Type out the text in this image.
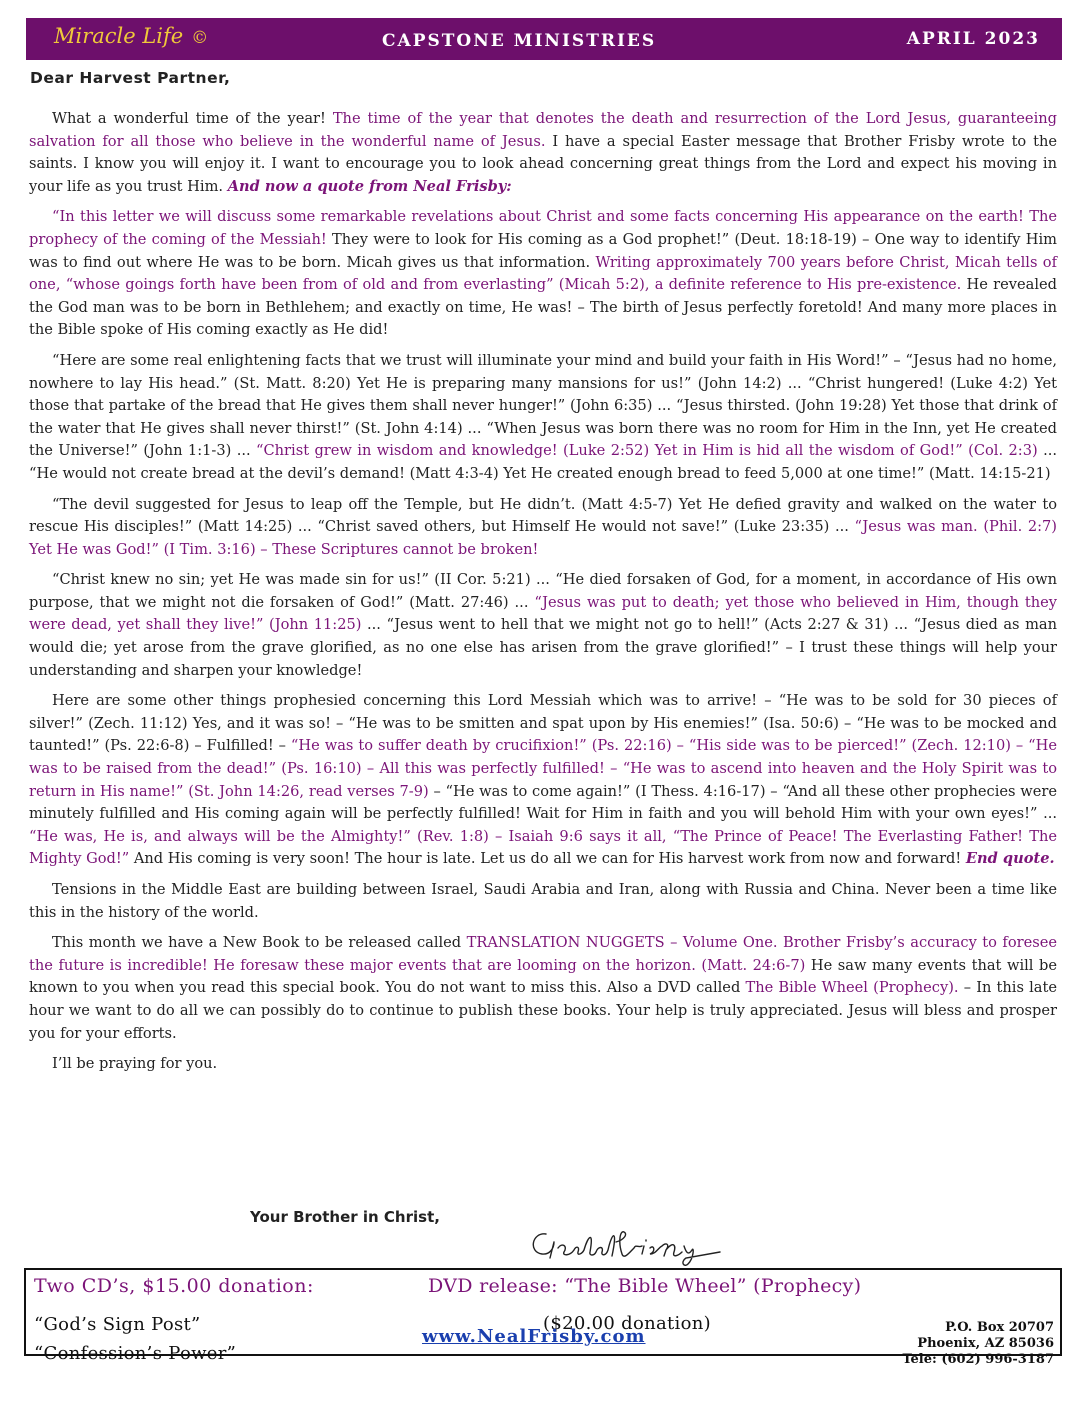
Miracle Life ©	CAPSTONE MINISTRIES	APRIL 2023
Dear Harvest Partner,

What a wonderful time of the year! The time of the year that denotes the death and resurrection of the Lord Jesus, guaranteeing salvation for all those who believe in the wonderful name of Jesus. I have a special Easter message that Brother Frisby wrote to the saints. I know you will enjoy it. I want to encourage you to look ahead concerning great things from the Lord and expect his moving in your life as you trust Him. And now a quote from Neal Frisby:

“In this letter we will discuss some remarkable revelations about Christ and some facts concerning His appearance on the earth! The prophecy of the coming of the Messiah! They were to look for His coming as a God prophet!” (Deut. 18:18-19) – One way to identify Him was to find out where He was to be born. Micah gives us that information. Writing approximately 700 years before Christ, Micah tells of one, “whose goings forth have been from of old and from everlasting” (Micah 5:2), a definite reference to His pre-existence. He revealed the God man was to be born in Bethlehem; and exactly on time, He was! – The birth of Jesus perfectly foretold! And many more places in the Bible spoke of His coming exactly as He did!

“Here are some real enlightening facts that we trust will illuminate your mind and build your faith in His Word!” – “Jesus had no home, nowhere to lay His head.” (St. Matt. 8:20) Yet He is preparing many mansions for us!” (John 14:2) ... “Christ hungered! (Luke 4:2) Yet those that partake of the bread that He gives them shall never hunger!” (John 6:35) ... “Jesus thirsted. (John 19:28) Yet those that drink of the water that He gives shall never thirst!” (St. John 4:14) ... “When Jesus was born there was no room for Him in the Inn, yet He created the Universe!” (John 1:1-3) ... “Christ grew in wisdom and knowledge! (Luke 2:52) Yet in Him is hid all the wisdom of God!” (Col. 2:3) ... “He would not create bread at the devil’s demand! (Matt 4:3-4) Yet He created enough bread to feed 5,000 at one time!” (Matt. 14:15-21)

“The devil suggested for Jesus to leap off the Temple, but He didn’t. (Matt 4:5-7) Yet He defied gravity and walked on the water to rescue His disciples!” (Matt 14:25) ... “Christ saved others, but Himself He would not save!” (Luke 23:35) ... “Jesus was man. (Phil. 2:7) Yet He was God!” (I Tim. 3:16) – These Scriptures cannot be broken!

“Christ knew no sin; yet He was made sin for us!” (II Cor. 5:21) ... “He died forsaken of God, for a moment, in accordance of His own purpose, that we might not die forsaken of God!” (Matt. 27:46) ... “Jesus was put to death; yet those who believed in Him, though they were dead, yet shall they live!” (John 11:25) ... “Jesus went to hell that we might not go to hell!” (Acts 2:27 & 31) ... “Jesus died as man would die; yet arose from the grave glorified, as no one else has arisen from the grave glorified!” – I trust these things will help your understanding and sharpen your knowledge!

Here are some other things prophesied concerning this Lord Messiah which was to arrive! – “He was to be sold for 30 pieces of silver!” (Zech. 11:12) Yes, and it was so! – “He was to be smitten and spat upon by His enemies!” (Isa. 50:6) – “He was to be mocked and taunted!” (Ps. 22:6-8) – Fulfilled! – “He was to suffer death by crucifixion!” (Ps. 22:16) – “His side was to be pierced!” (Zech. 12:10) – “He was to be raised from the dead!” (Ps. 16:10) – All this was perfectly fulfilled! – “He was to ascend into heaven and the Holy Spirit was to return in His name!” (St. John 14:26, read verses 7-9) – “He was to come again!” (I Thess. 4:16-17) – “And all these other prophecies were minutely fulfilled and His coming again will be perfectly fulfilled! Wait for Him in faith and you will behold Him with your own eyes!” ... “He was, He is, and always will be the Almighty!” (Rev. 1:8) – Isaiah 9:6 says it all, “The Prince of Peace! The Everlasting Father! The Mighty God!” And His coming is very soon! The hour is late. Let us do all we can for His harvest work from now and forward! End quote.

Tensions in the Middle East are building between Israel, Saudi Arabia and Iran, along with Russia and China. Never been a time like this in the history of the world.

This month we have a New Book to be released called TRANSLATION NUGGETS – Volume One. Brother Frisby’s accuracy to foresee the future is incredible! He foresaw these major events that are looming on the horizon. (Matt. 24:6-7) He saw many events that will be known to you when you read this special book. You do not want to miss this. Also a DVD called The Bible Wheel (Prophecy). – In this late hour we want to do all we can possibly do to continue to publish these books. Your help is truly appreciated. Jesus will bless and prosper you for your efforts.

I’ll be praying for you.

Your Brother in Christ,
Two CD’s, $15.00 donation:
“God’s Sign Post”
“Confession’s Power”
DVD release: “The Bible Wheel” (Prophecy)
($20.00 donation)
www.NealFrisby.com	P.O. Box 20707
Phoenix, AZ 85036
Tele: (602) 996-3187
